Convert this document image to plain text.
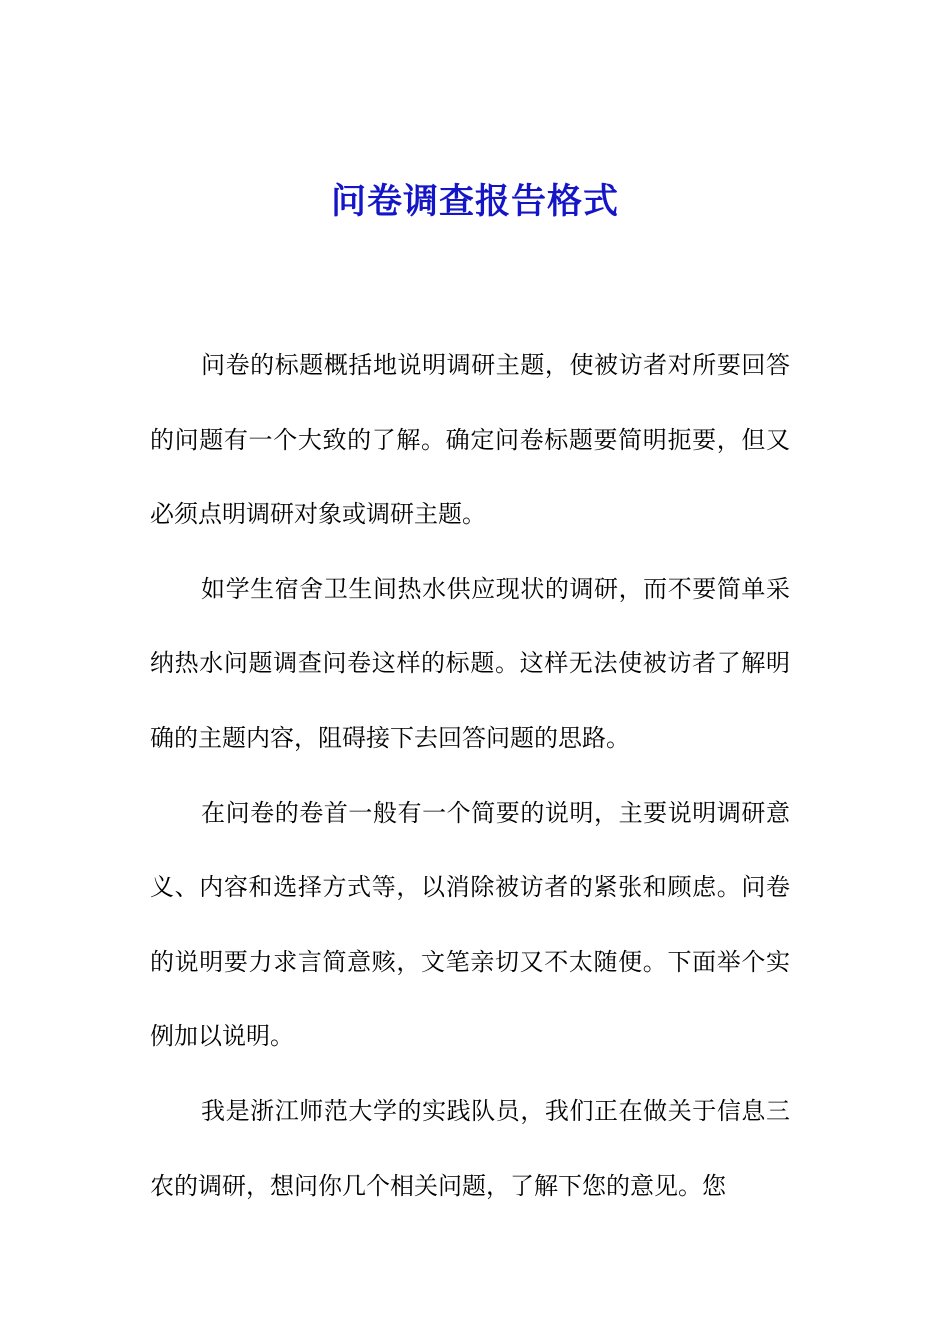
问卷调查报告格式

问卷的标题概括地说明调研主题，使被访者对所要回答的问题有一个大致的了解。确定问卷标题要简明扼要，但又必须点明调研对象或调研主题。

如学生宿舍卫生间热水供应现状的调研，而不要简单采纳热水问题调查问卷这样的标题。这样无法使被访者了解明确的主题内容，阻碍接下去回答问题的思路。

在问卷的卷首一般有一个简要的说明，主要说明调研意义、内容和选择方式等，以消除被访者的紧张和顾虑。问卷的说明要力求言简意赅，文笔亲切又不太随便。下面举个实例加以说明。

我是浙江师范大学的实践队员，我们正在做关于信息三农的调研，想问你几个相关问题，了解下您的意见。您
